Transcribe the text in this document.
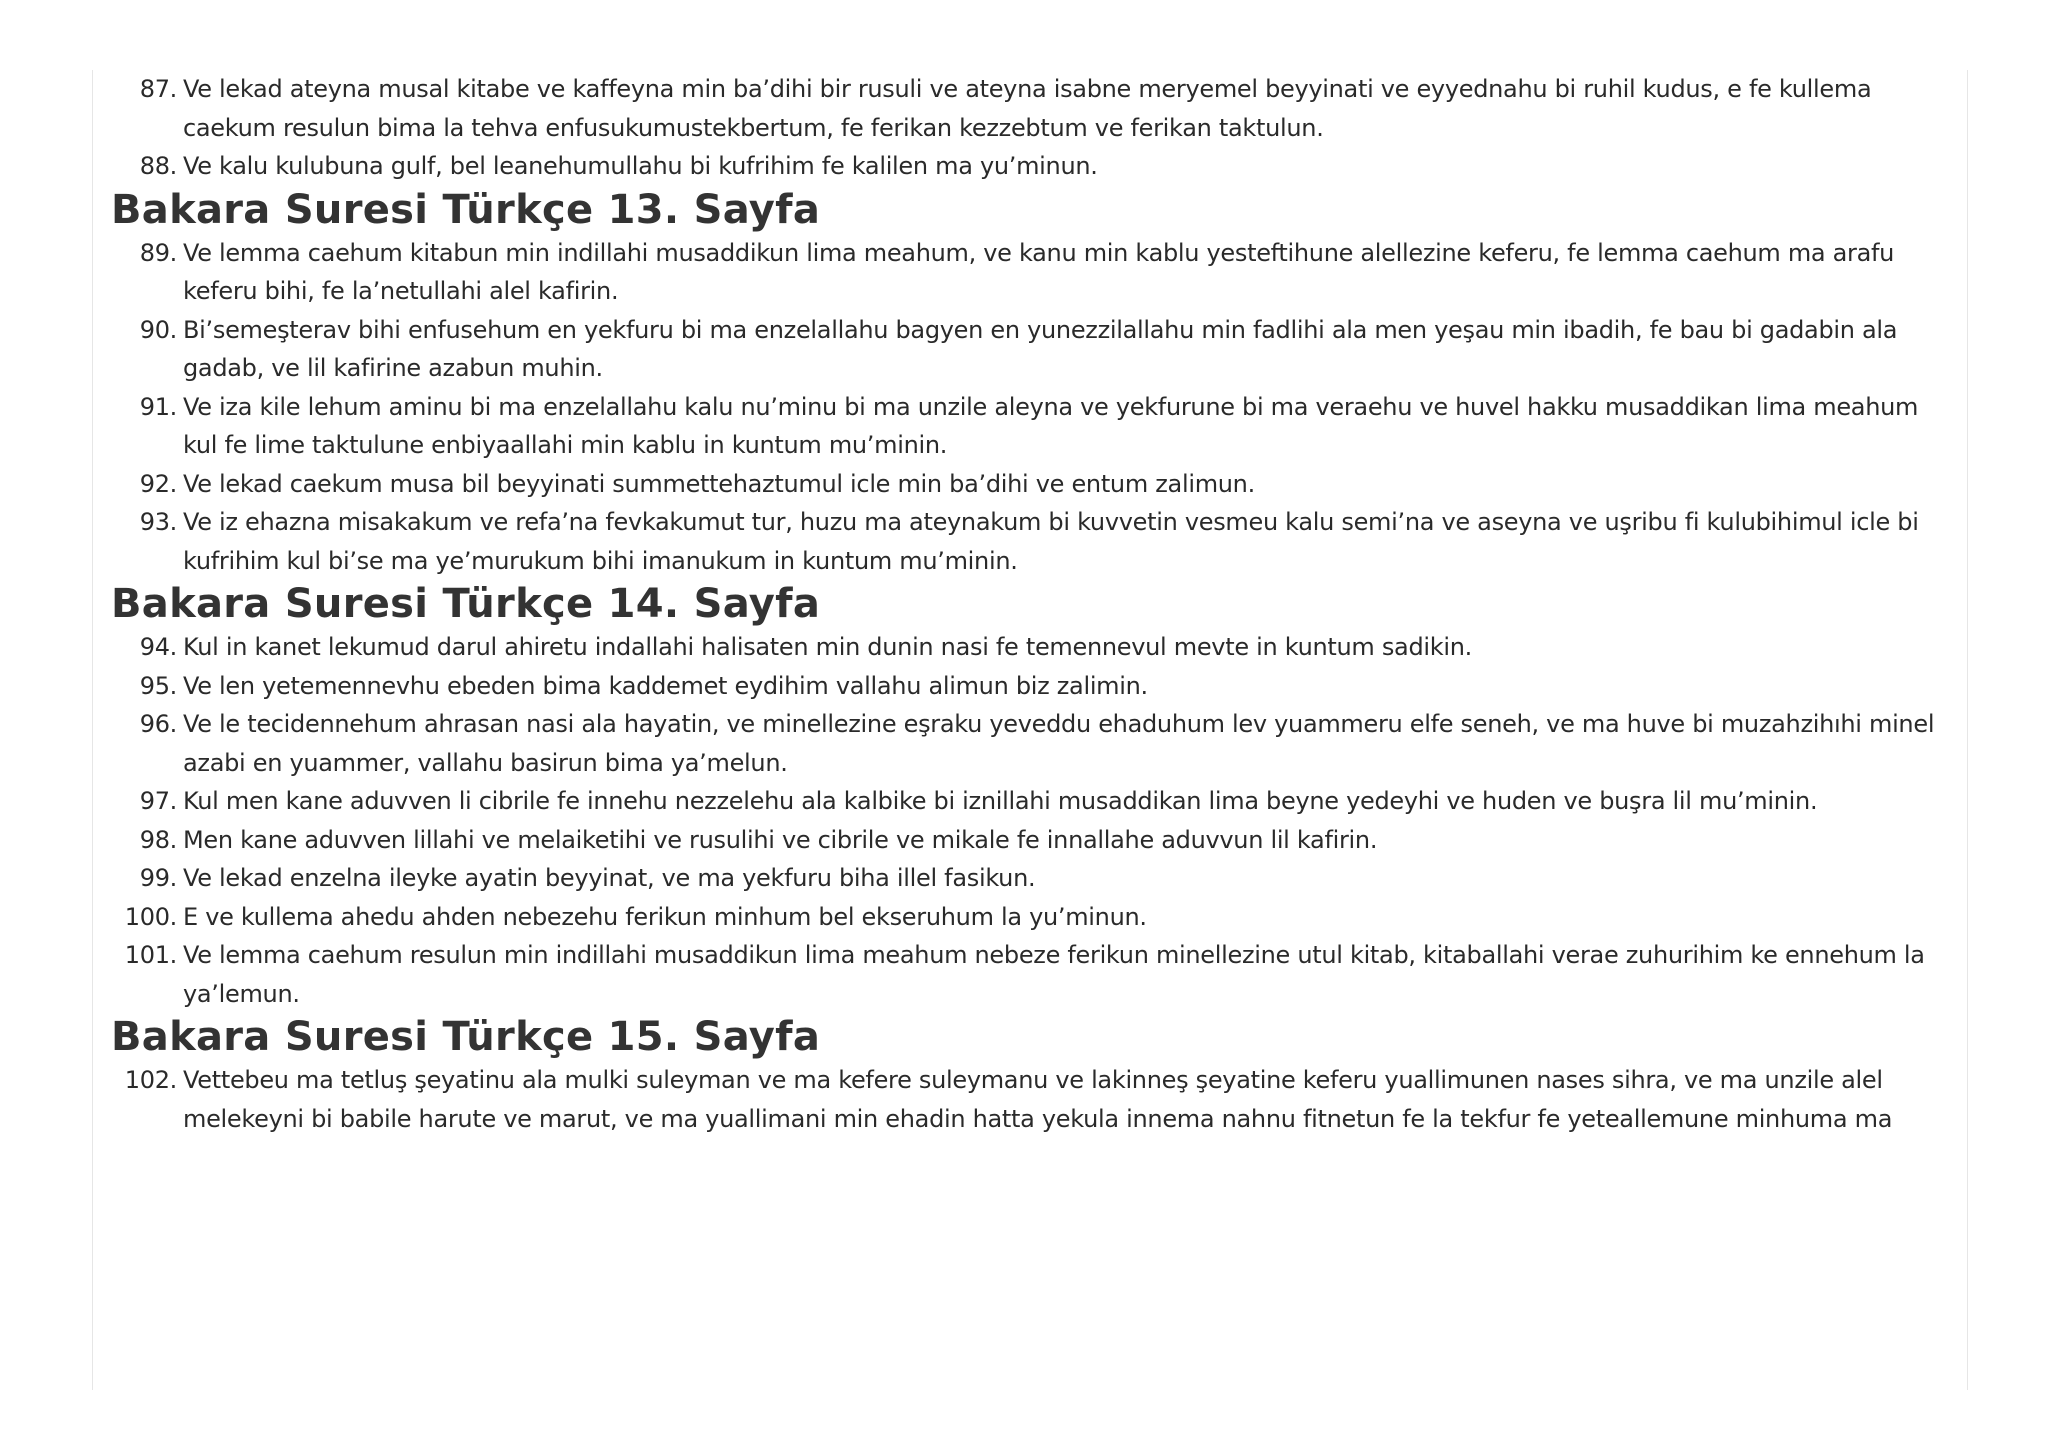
87. Ve lekad ateyna musal kitabe ve kaffeyna min ba’dihi bir rusuli ve ateyna isabne meryemel beyyinati ve eyyednahu bi ruhil kudus, e fe kullema caekum resulun bima la tehva enfusukumustekbertum, fe ferikan kezzebtum ve ferikan taktulun.
88. Ve kalu kulubuna gulf, bel leanehumullahu bi kufrihim fe kalilen ma yu’minun.
Bakara Suresi Türkçe 13. Sayfa
89. Ve lemma caehum kitabun min indillahi musaddikun lima meahum, ve kanu min kablu yesteftihune alellezine keferu, fe lemma caehum ma arafu keferu bihi, fe la’netullahi alel kafirin.
90. Bi’semeşterav bihi enfusehum en yekfuru bi ma enzelallahu bagyen en yunezzilallahu min fadlihi ala men yeşau min ibadih, fe bau bi gadabin ala gadab, ve lil kafirine azabun muhin.
91. Ve iza kile lehum aminu bi ma enzelallahu kalu nu’minu bi ma unzile aleyna ve yekfurune bi ma veraehu ve huvel hakku musaddikan lima meahum kul fe lime taktulune enbiyaallahi min kablu in kuntum mu’minin.
92. Ve lekad caekum musa bil beyyinati summettehaztumul icle min ba’dihi ve entum zalimun.
93. Ve iz ehazna misakakum ve refa’na fevkakumut tur, huzu ma ateynakum bi kuvvetin vesmeu kalu semi’na ve aseyna ve uşribu fi kulubihimul icle bi kufrihim kul bi’se ma ye’murukum bihi imanukum in kuntum mu’minin.
Bakara Suresi Türkçe 14. Sayfa
94. Kul in kanet lekumud darul ahiretu indallahi halisaten min dunin nasi fe temennevul mevte in kuntum sadikin.
95. Ve len yetemennevhu ebeden bima kaddemet eydihim vallahu alimun biz zalimin.
96. Ve le tecidennehum ahrasan nasi ala hayatin, ve minellezine eşraku yeveddu ehaduhum lev yuammeru elfe seneh, ve ma huve bi muzahzihıhi minel azabi en yuammer, vallahu basirun bima ya’melun.
97. Kul men kane aduvven li cibrile fe innehu nezzelehu ala kalbike bi iznillahi musaddikan lima beyne yedeyhi ve huden ve buşra lil mu’minin.
98. Men kane aduvven lillahi ve melaiketihi ve rusulihi ve cibrile ve mikale fe innallahe aduvvun lil kafirin.
99. Ve lekad enzelna ileyke ayatin beyyinat, ve ma yekfuru biha illel fasikun.
100. E ve kullema ahedu ahden nebezehu ferikun minhum bel ekseruhum la yu’minun.
101. Ve lemma caehum resulun min indillahi musaddikun lima meahum nebeze ferikun minellezine utul kitab, kitaballahi verae zuhurihim ke ennehum la ya’lemun.
Bakara Suresi Türkçe 15. Sayfa
102. Vettebeu ma tetluş şeyatinu ala mulki suleyman ve ma kefere suleymanu ve lakinneş şeyatine keferu yuallimunen nases sihra, ve ma unzile alel melekeyni bi babile harute ve marut, ve ma yuallimani min ehadin hatta yekula innema nahnu fitnetun fe la tekfur fe yeteallemune minhuma ma
